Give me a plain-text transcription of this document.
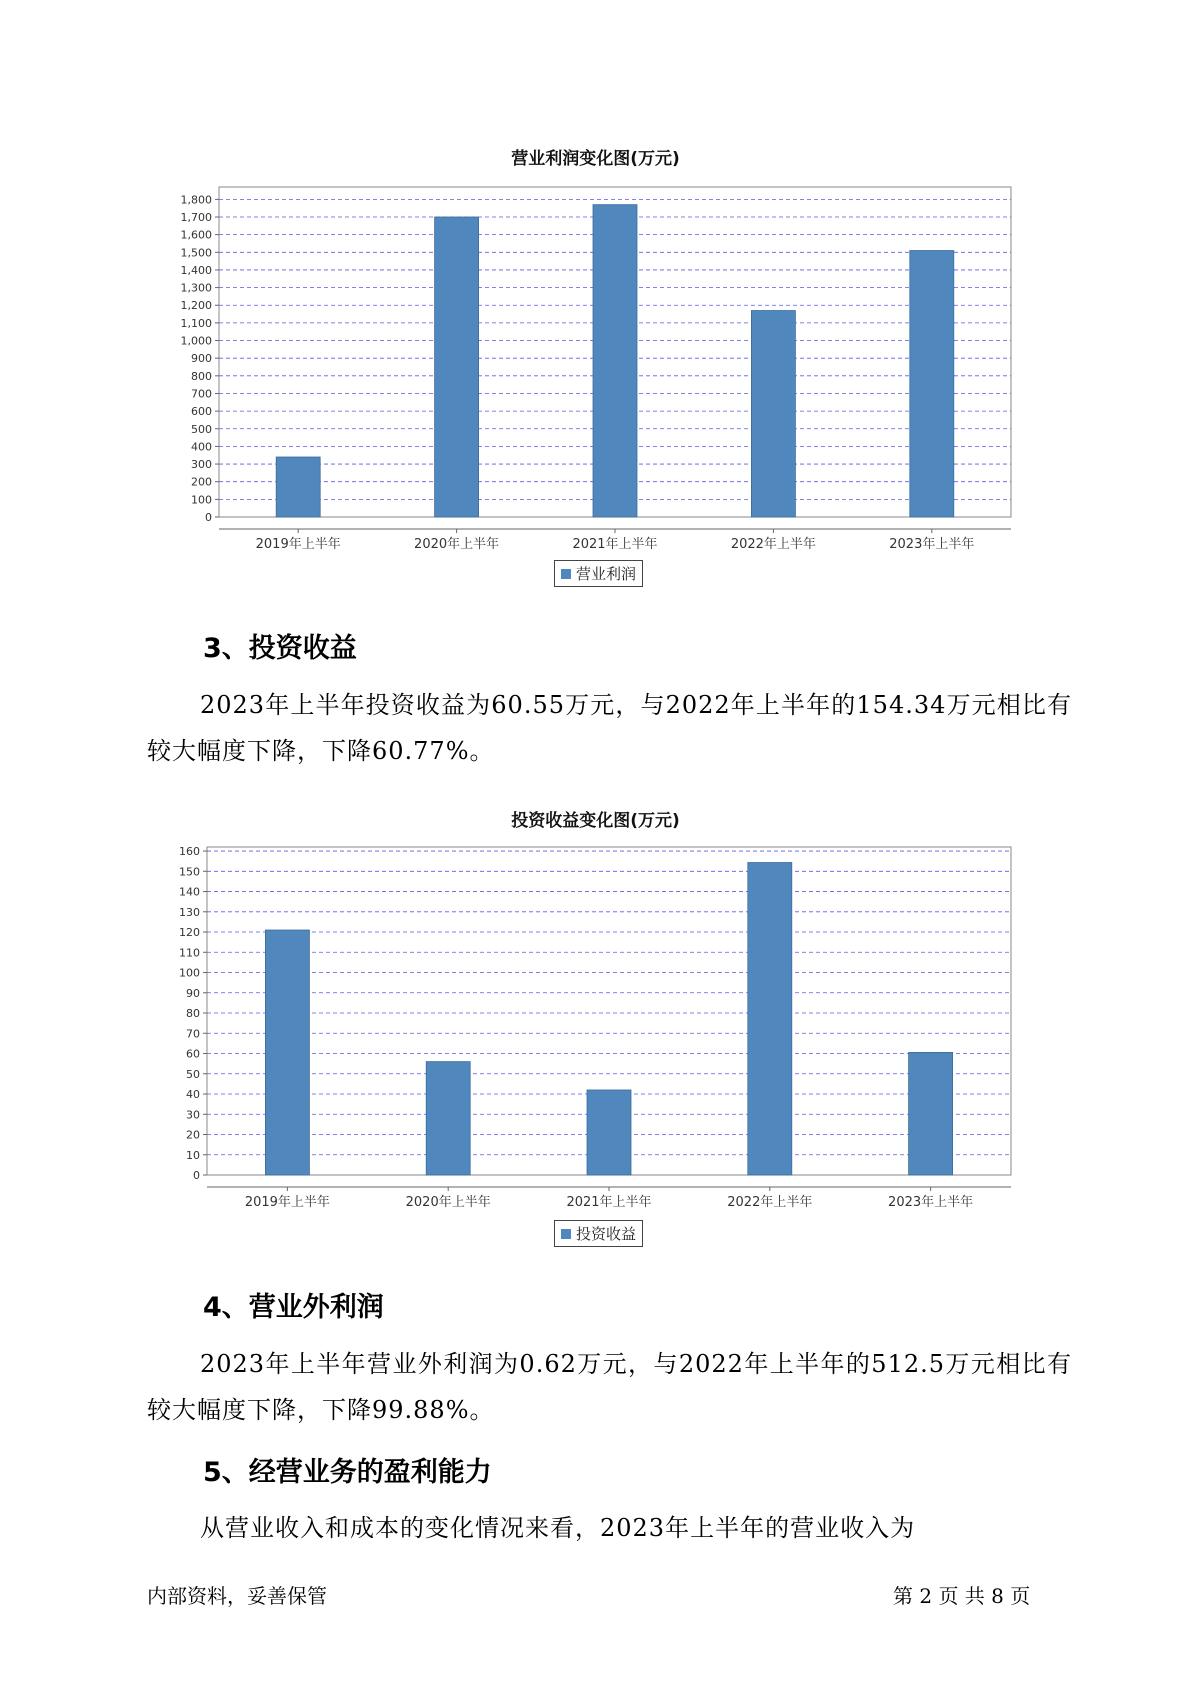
营业利润变化图(万元)
0
100
200
300
400
500
600
700
800
900
1,000
1,100
1,200
1,300
1,400
1,500
1,600
1,700
1,800
2019年上半年	2020年上半年	2021年上半年	2022年上半年	2023年上半年
营业利润
3、投资收益
2023年上半年投资收益为60.55万元，与2022年上半年的154.34万元相比有较大幅度下降，下降60.77%。
投资收益变化图(万元)
0
10
20
30
40
50
60
70
80
90
100
110
120
130
140
150
160
2019年上半年	2020年上半年	2021年上半年	2022年上半年	2023年上半年
投资收益
4、营业外利润
2023年上半年营业外利润为0.62万元，与2022年上半年的512.5万元相比有较大幅度下降，下降99.88%。
5、经营业务的盈利能力
从营业收入和成本的变化情况来看，2023年上半年的营业收入为
内部资料，妥善保管	第 2 页 共 8 页
